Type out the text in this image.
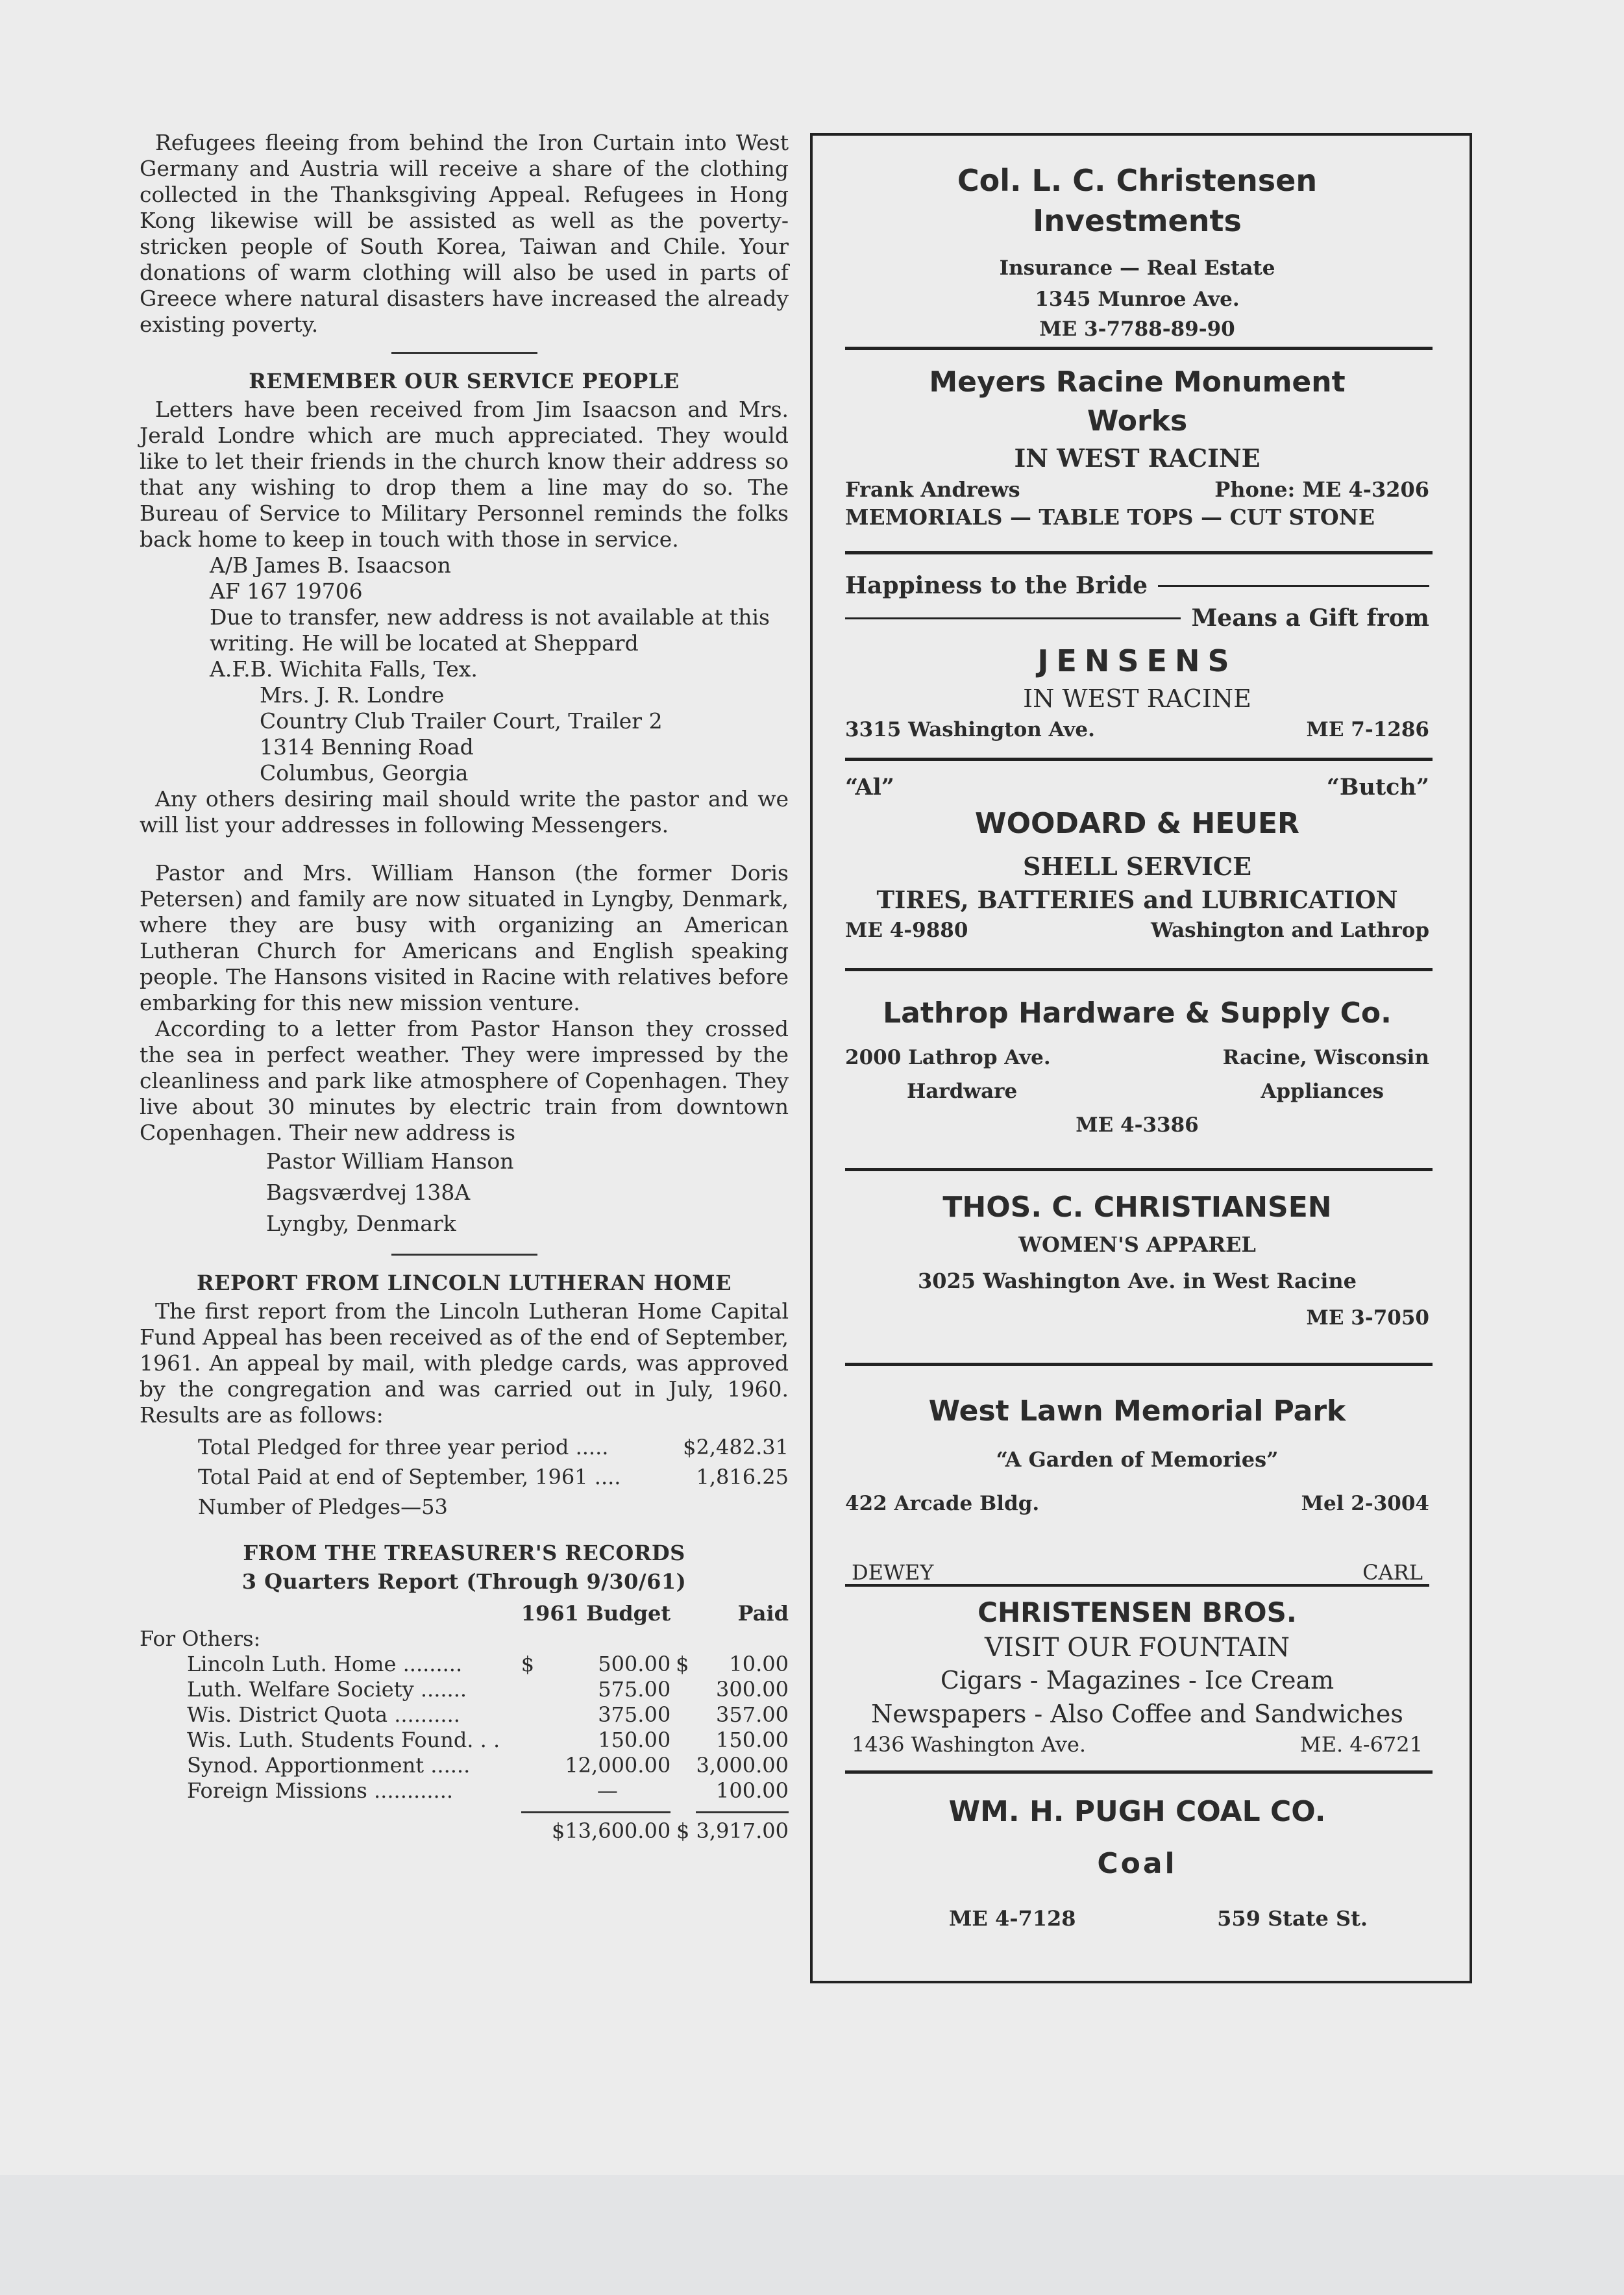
Refugees fleeing from behind the Iron Curtain into West Germany and Austria will receive a share of the clothing collected in the Thanksgiving Appeal. Refugees in Hong Kong likewise will be assisted as well as the poverty-stricken people of South Korea, Taiwan and Chile. Your donations of warm clothing will also be used in parts of Greece where natural disasters have increased the already existing poverty.

REMEMBER OUR SERVICE PEOPLE

Letters have been received from Jim Isaacson and Mrs. Jerald Londre which are much appreciated. They would like to let their friends in the church know their address so that any wishing to drop them a line may do so. The Bureau of Service to Military Personnel reminds the folks back home to keep in touch with those in service.

A/B James B. Isaacson
AF 167 19706
Due to transfer, new address is not available at this writing. He will be located at Sheppard
A.F.B. Wichita Falls, Tex.
Mrs. J. R. Londre
Country Club Trailer Court, Trailer 2
1314 Benning Road
Columbus, Georgia

Any others desiring mail should write the pastor and we will list your addresses in following Messengers.

Pastor and Mrs. William Hanson (the former Doris Petersen) and family are now situated in Lyngby, Denmark, where they are busy with organizing an American Lutheran Church for Americans and English speaking people. The Hansons visited in Racine with relatives before embarking for this new mission venture.

According to a letter from Pastor Hanson they crossed the sea in perfect weather. They were impressed by the cleanliness and park like atmosphere of Copenhagen. They live about 30 minutes by electric train from downtown Copenhagen. Their new address is

Pastor William Hanson
Bagsværdvej 138A
Lyngby, Denmark
REPORT FROM LINCOLN LUTHERAN HOME

The first report from the Lincoln Lutheran Home Capital Fund Appeal has been received as of the end of September, 1961. An appeal by mail, with pledge cards, was approved by the congregation and was carried out in July, 1960. Results are as follows:

Total Pledged for three year period .....	$2,482.31
Total Paid at end of September, 1961 ....	1,816.25
Number of Pledges—53	
FROM THE TREASURER'S RECORDS
3 Quarters Report (Through 9/30/61)
	1961 Budget		Paid	
For Others:				
Lincoln Luth. Home .........	$	500.00	$	10.00
Luth. Welfare Society .......		575.00		300.00
Wis. District Quota ..........		375.00		357.00
Wis. Luth. Students Found. . .		150.00		150.00
Synod. Apportionment ......		12,000.00		3,000.00
Foreign Missions ............		—		100.00

	$13,600.00		$ 3,917.00	
Col. L. C. Christensen
Investments
Insurance — Real Estate
1345 Munroe Ave.
ME 3-7788-89-90
Meyers Racine Monument
Works
IN WEST RACINE
Frank Andrews	Phone: ME 4-3206
MEMORIALS — TABLE TOPS — CUT STONE
Happiness to the Bride
Means a Gift from
JENSENS
IN WEST RACINE
3315 Washington Ave.	ME 7-1286
“Al”	“Butch”
WOODARD & HEUER
SHELL SERVICE
TIRES, BATTERIES and LUBRICATION
ME 4-9880	Washington and Lathrop
Lathrop Hardware & Supply Co.
2000 Lathrop Ave.	Racine, Wisconsin
Hardware	Appliances
ME 4-3386
THOS. C. CHRISTIANSEN
WOMEN'S APPAREL
3025 Washington Ave. in West Racine
ME 3-7050
West Lawn Memorial Park
“A Garden of Memories”
422 Arcade Bldg.	Mel 2-3004
DEWEY	CARL
CHRISTENSEN BROS.
VISIT OUR FOUNTAIN
Cigars - Magazines - Ice Cream
Newspapers - Also Coffee and Sandwiches
1436 Washington Ave.	ME. 4-6721
WM. H. PUGH COAL CO.
Coal
ME 4-7128	559 State St.
